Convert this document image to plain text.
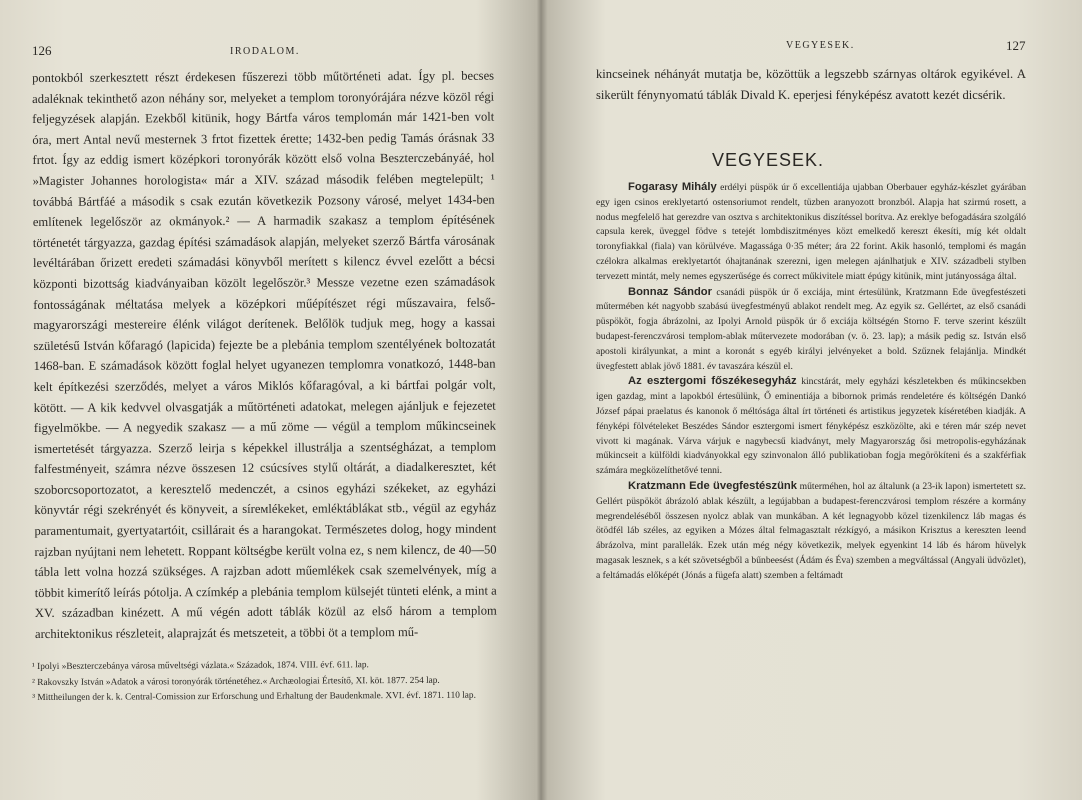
126	IRODALOM.

pontokból szerkesztett részt érdekesen fűszerezi több műtörténeti adat. Így pl. becses adaléknak tekinthető azon néhány sor, melyeket a templom toronyórájára nézve közöl régi feljegyzések alapján. Ezekből kitünik, hogy Bártfa város templomán már 1421-ben volt óra, mert Antal nevű mesternek 3 frtot fizettek érette; 1432-ben pedig Tamás órásnak 33 frtot. Így az eddig ismert középkori toronyórák között első volna Beszterczebányáé, hol »Magister Johannes horologista« már a XIV. század második felében megtelepült; ¹ továbbá Bártfáé a második s csak ezután következik Pozsony városé, melyet 1434-ben említenek legelőször az okmányok.² — A harmadik szakasz a templom építésének történetét tárgyazza, gazdag építési számadások alapján, melyeket szerző Bártfa városának levéltárában őrizett eredeti számadási könyvből merített s kilencz évvel ezelőtt a bécsi központi bizottság kiadványaiban közölt legelőször.³ Messze vezetne ezen számadások fontosságának méltatása melyek a középkori műépítészet régi műszavaira, felső-magyarországi mestereire élénk világot derítenek. Belőlök tudjuk meg, hogy a kassai születésű István kőfaragó (lapicida) fejezte be a plebánia templom szentélyének boltozatát 1468-ban. E számadások között foglal helyet ugyanezen templomra vonatkozó, 1448-ban kelt építkezési szerződés, melyet a város Miklós kőfaragóval, a ki bártfai polgár volt, kötött. — A kik kedvvel olvasgatják a műtörténeti adatokat, melegen ajánljuk e fejezetet figyelmökbe. — A negyedik szakasz — a mű zöme — végül a templom műkincseinek ismertetését tárgyazza. Szerző leirja s képekkel illustrálja a szentségházat, a templom falfestményeit, számra nézve összesen 12 csúcsíves stylű oltárát, a diadalkeresztet, két szoborcsoportozatot, a keresztelő medenczét, a csinos egyházi székeket, az egyházi könyvtár régi szekrényét és könyveit, a sírемlékeket, emléktáblákat stb., végül az egyház paramentumait, gyertyatartóit, csillárait és a harangokat. Természetes dolog, hogy mindent rajzban nyújtani nem lehetett. Roppant költségbe került volna ez, s nem kilencz, de 40—50 tábla lett volna hozzá szükséges. A rajzban adott műemlékek csak szemelvények, míg a többit kimerítő leírás pótolja. A czímkép a plebánia templom külsejét tünteti elénk, a mint a XV. században kinézett. A mű végén adott táblák közül az első három a templom architektonikus részleteit, alaprajzát és metszeteit, a többi öt a templom mű-

¹ Ipolyi »Beszterczebánya városa műveltségi vázlata.« Századok, 1874. VIII. évf. 611. lap.

² Rakovszky István »Adatok a városi toronyórák történetéhez.« Archæologiai Értesítő, XI. köt. 1877. 254 lap.

³ Mittheilungen der k. k. Central-Comission zur Erforschung und Erhaltung der Baudenkmale. XVI. évf. 1871. 110 lap.

VEGYESEK.	127

kincseinek néhányát mutatja be, közöttük a legszebb szárnyas oltárok egyikével. A sikerült fénynyomatú táblák Divald K. eperjesi fényképész avatott kezét dicsérik.

VEGYESEK.

Fogarasy Mihály erdélyi püspök úr ő excellentiája ujabban Oberbauer egyház-készlet gyárában egy igen csinos ereklyetartó ostensoriumot rendelt, tüzben aranyozott bronzból. Alapja hat szirmú rosett, a nodus megfelelő hat gerezdre van osztva s architektonikus diszítéssel borítva. Az ereklye befogadására szolgáló capsula kerek, üveggel födve s tetejét lombdiszitményes közt emelkedő kereszt ékesíti, míg két oldalt toronyfiakkal (fiala) van körülvéve. Magassága 0·35 méter; ára 22 forint. Akik hasonló, templomi és magán czélokra alkalmas ereklyetartót óhajtanának szerezni, igen melegen ajánlhatjuk e XIV. századbeli stylben tervezett mintát, mely nemes egyszerűsége és correct műkivitele miatt épúgy kitünik, mint jutányossága által.

Bonnaz Sándor csanádi püspök úr ő exciája, mint értesülünk, Kratzmann Ede üvegfestészeti műtermében két nagyobb szabású üvegfestményű ablakot rendelt meg. Az egyik sz. Gellértet, az első csanádi püspököt, fogja ábrázolni, az Ipolyi Arnold püspök úr ő exciája költségén Storno F. terve szerint készült budapest-ferenczvárosi templom-ablak műtervezete modorában (v. ö. 23. lap); a másik pedig sz. István első apostoli királyunkat, a mint a koronát s egyéb királyi jelvényeket a bold. Szűznek felajánlja. Mindkét üvegfestett ablak jövő 1881. év tavaszára készül el.

Az esztergomi főszékesegyház kincstárát, mely egyházi készletekben és műkincsekben igen gazdag, mint a lapokból értesülünk, Ő eminentiája a bibornok primás rendeletére és költségén Dankó József pápai praelatus és kanonok ő méltósága által írt történeti és artistikus jegyzetek kíséretében kiadják. A fényképi fölvételeket Beszédes Sándor esztergomi ismert fényképész eszközölte, aki e téren már szép nevet vivott ki magának. Várva várjuk e nagybecsű kiadványt, mely Magyarország ősi metropolis-egyházának műkincseit a külföldi kiadványokkal egy szinvonalon álló publikatioban fogja megörökíteni és a szakférfiak számára megközelíthetővé tenni.

Kratzmann Ede üvegfestészünk műterméhen, hol az általunk (a 23-ik lapon) ismertetett sz. Gellért püspököt ábrázoló ablak készült, a legújabban a budapest-ferenczvárosi templom részére a kormány megrendeléséből összesen nyolcz ablak van munkában. A két legnagyobb közel tizenkilencz láb magas és ötödfél láb széles, az egyiken a Mózes által felmagasztalt rézkígyó, a másikon Krisztus a kereszten leend ábrázolva, mint parallelák. Ezek után még négy következik, melyek egyenkint 14 láb és három hüvelyk magasak lesznek, s a két szövetségből a bűnbeesést (Ádám és Éva) szemben a megváltással (Angyali üdvözlet), a feltámadás előképét (Jónás a fügefa alatt) szemben a feltámadt
